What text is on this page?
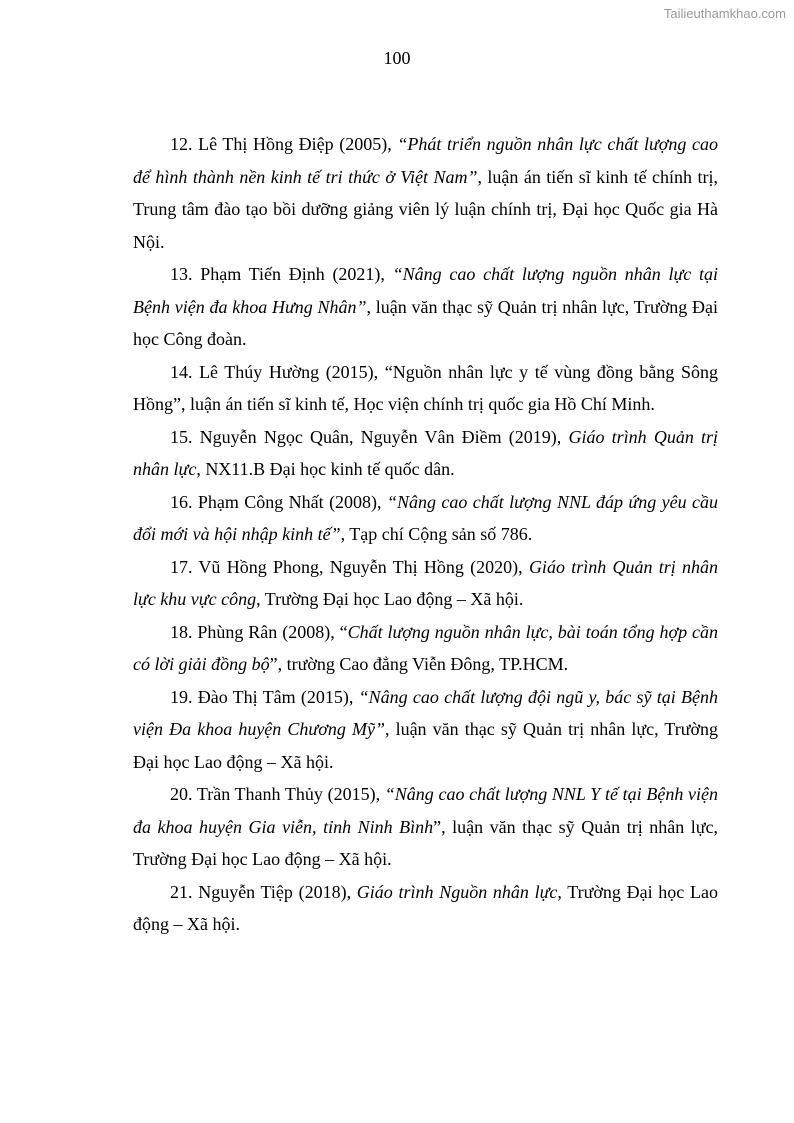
Tailieuthamkhao.com
100

12. Lê Thị Hồng Điệp (2005), “Phát triển nguồn nhân lực chất lượng cao để hình thành nền kinh tế tri thức ở Việt Nam”, luận án tiến sĩ kinh tế chính trị, Trung tâm đào tạo bồi dưỡng giảng viên lý luận chính trị, Đại học Quốc gia Hà Nội.

13. Phạm Tiến Định (2021), “Nâng cao chất lượng nguồn nhân lực tại Bệnh viện đa khoa Hưng Nhân”, luận văn thạc sỹ Quản trị nhân lực, Trường Đại học Công đoàn.

14. Lê Thúy Hường (2015), “Nguồn nhân lực y tế vùng đồng bằng Sông Hồng”, luận án tiến sĩ kinh tế, Học viện chính trị quốc gia Hồ Chí Minh.

15. Nguyễn Ngọc Quân, Nguyễn Vân Điềm (2019), Giáo trình Quản trị nhân lực, NX11.B Đại học kinh tế quốc dân.

16. Phạm Công Nhất (2008), “Nâng cao chất lượng NNL đáp ứng yêu cầu đổi mới và hội nhập kinh tế”, Tạp chí Cộng sản số 786.

17. Vũ Hồng Phong, Nguyễn Thị Hồng (2020), Giáo trình Quản trị nhân lực khu vực công, Trường Đại học Lao động – Xã hội.

18. Phùng Rân (2008), “Chất lượng nguồn nhân lực, bài toán tổng hợp cần có lời giải đồng bộ”, trường Cao đẳng Viễn Đông, TP.HCM.

19. Đào Thị Tâm (2015), “Nâng cao chất lượng đội ngũ y, bác sỹ tại Bệnh viện Đa khoa huyện Chương Mỹ”, luận văn thạc sỹ Quản trị nhân lực, Trường Đại học Lao động – Xã hội.

20. Trần Thanh Thủy (2015), “Nâng cao chất lượng NNL Y tế tại Bệnh viện đa khoa huyện Gia viễn, tỉnh Ninh Bình”, luận văn thạc sỹ Quản trị nhân lực, Trường Đại học Lao động – Xã hội.

21. Nguyễn Tiệp (2018), Giáo trình Nguồn nhân lực, Trường Đại học Lao động – Xã hội.
